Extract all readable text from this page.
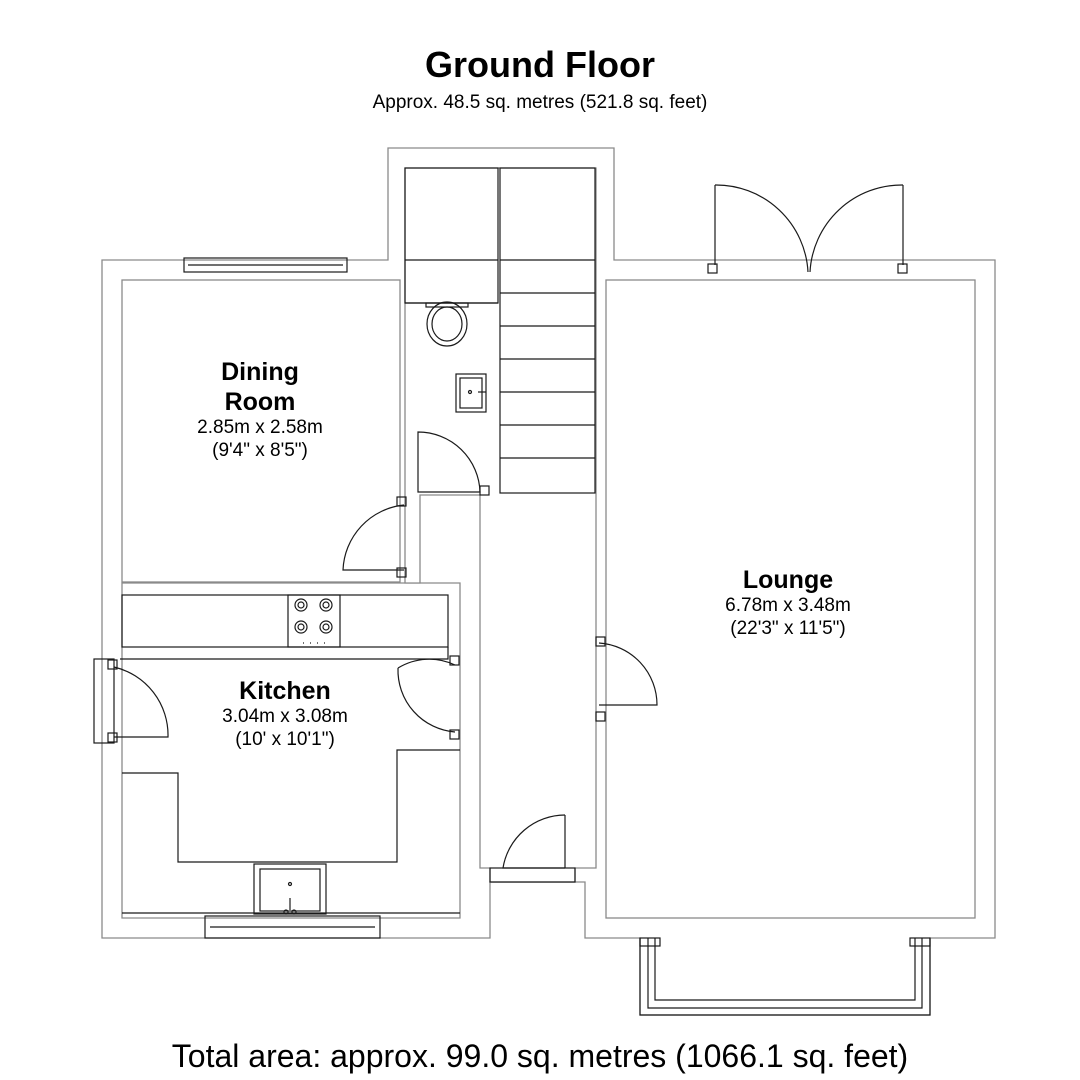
Ground Floor
Approx. 48.5 sq. metres (521.8 sq. feet)
Dining
Room
2.85m x 2.58m
(9'4" x 8'5")
Kitchen
3.04m x 3.08m
(10' x 10'1")
Lounge
6.78m x 3.48m
(22'3" x 11'5")
Total area: approx. 99.0 sq. metres (1066.1 sq. feet)
